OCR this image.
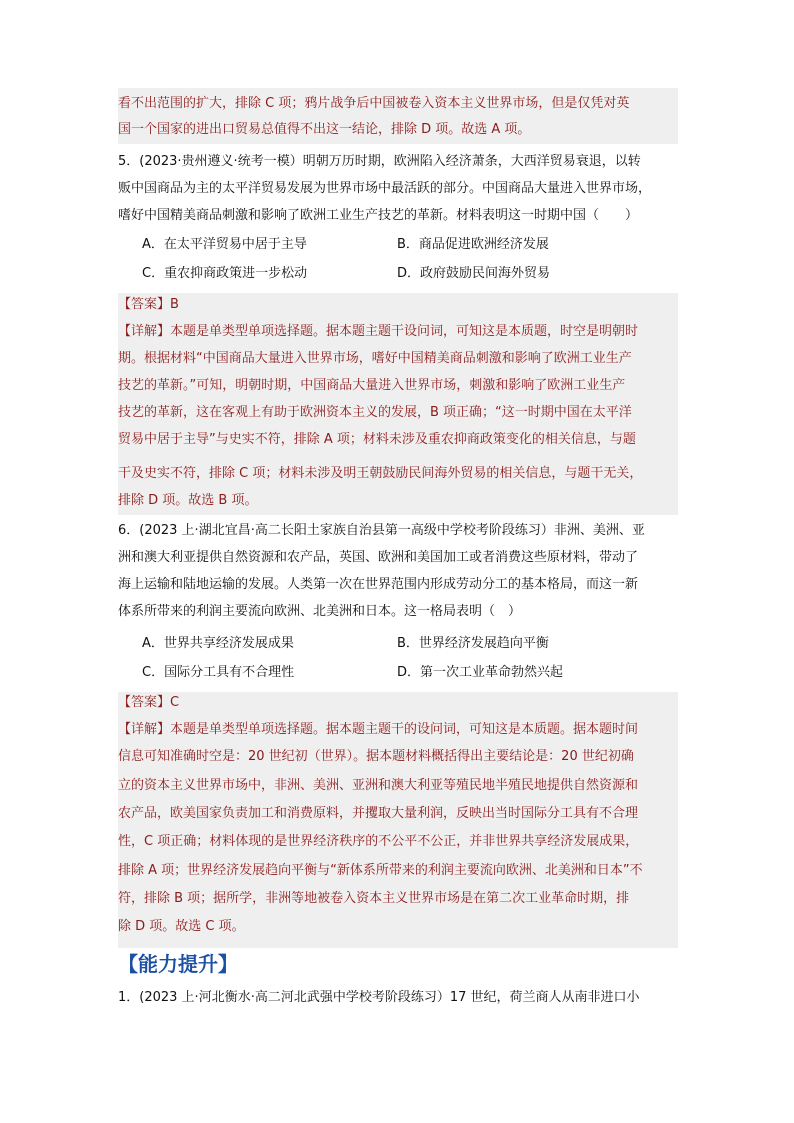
看不出范围的扩大，排除 C 项；鸦片战争后中国被卷入资本主义世界市场，但是仅凭对英
国一个国家的进出口贸易总值得不出这一结论，排除 D 项。故选 A 项。
5．(2023·贵州遵义·统考一模）明朝万历时期，欧洲陷入经济萧条，大西洋贸易衰退，以转
贩中国商品为主的太平洋贸易发展为世界市场中最活跃的部分。中国商品大量进入世界市场，
嗜好中国精美商品刺激和影响了欧洲工业生产技艺的革新。材料表明这一时期中国（　　）
A．在太平洋贸易中居于主导	B．商品促进欧洲经济发展
C．重农抑商政策进一步松动	D．政府鼓励民间海外贸易
【答案】B
【详解】本题是单类型单项选择题。据本题主题干设问词，可知这是本质题，时空是明朝时
期。根据材料“中国商品大量进入世界市场，嗜好中国精美商品刺激和影响了欧洲工业生产
技艺的革新。”可知，明朝时期，中国商品大量进入世界市场，刺激和影响了欧洲工业生产
技艺的革新，这在客观上有助于欧洲资本主义的发展，B 项正确；“这一时期中国在太平洋
贸易中居于主导”与史实不符，排除 A 项；材料未涉及重农抑商政策变化的相关信息，与题
干及史实不符，排除 C 项；材料未涉及明王朝鼓励民间海外贸易的相关信息，与题干无关，
排除 D 项。故选 B 项。
6．(2023 上·湖北宜昌·高二长阳土家族自治县第一高级中学校考阶段练习）非洲、美洲、亚
洲和澳大利亚提供自然资源和农产品，英国、欧洲和美国加工或者消费这些原材料，带动了
海上运输和陆地运输的发展。人类第一次在世界范围内形成劳动分工的基本格局，而这一新
体系所带来的利润主要流向欧洲、北美洲和日本。这一格局表明（　）
A．世界共享经济发展成果	B．世界经济发展趋向平衡
C．国际分工具有不合理性	D．第一次工业革命勃然兴起
【答案】C
【详解】本题是单类型单项选择题。据本题主题干的设问词，可知这是本质题。据本题时间
信息可知准确时空是：20 世纪初（世界）。据本题材料概括得出主要结论是：20 世纪初确
立的资本主义世界市场中，非洲、美洲、亚洲和澳大利亚等殖民地半殖民地提供自然资源和
农产品，欧美国家负责加工和消费原料，并攫取大量利润，反映出当时国际分工具有不合理
性，C 项正确；材料体现的是世界经济秩序的不公平不公正，并非世界共享经济发展成果，
排除 A 项；世界经济发展趋向平衡与“新体系所带来的利润主要流向欧洲、北美洲和日本”不
符，排除 B 项；据所学，非洲等地被卷入资本主义世界市场是在第二次工业革命时期，排
除 D 项。故选 C 项。
【能力提升】
1．(2023 上·河北衡水·高二河北武强中学校考阶段练习）17 世纪，荷兰商人从南非进口小
